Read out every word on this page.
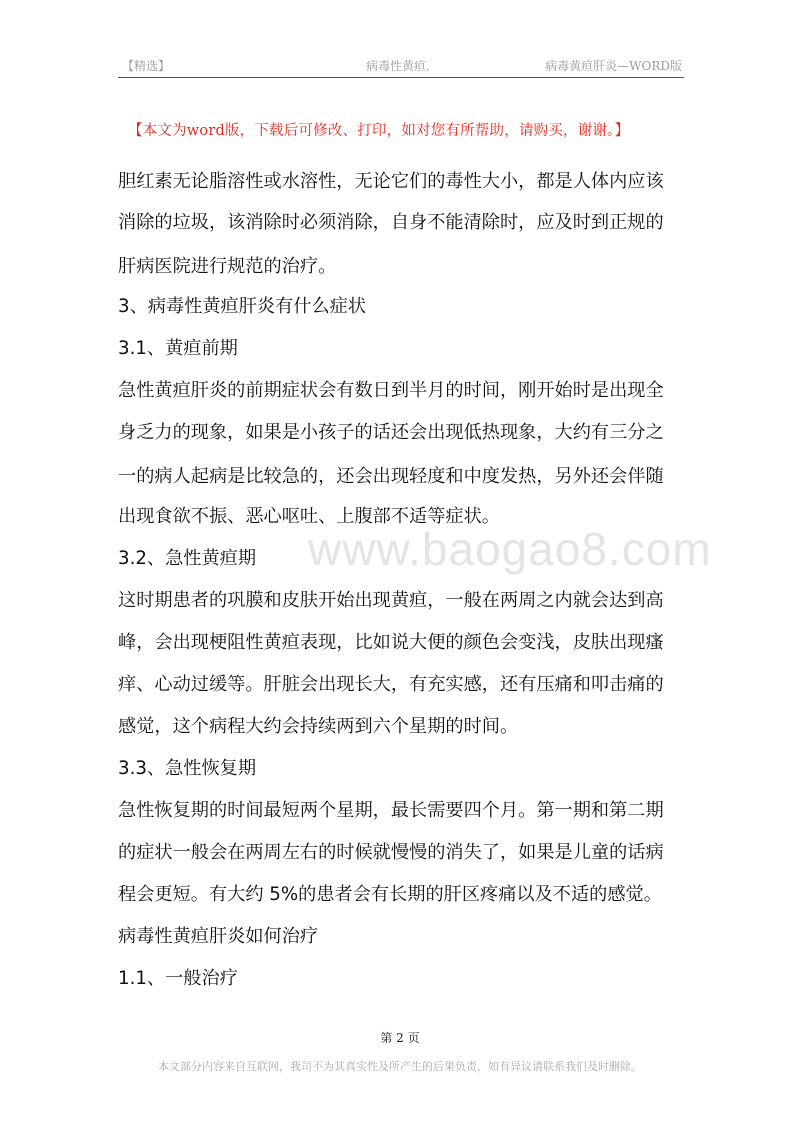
【精选】	病毒性黄疸,	病毒黄疸肝炎—WORD版
【本文为word版，下载后可修改、打印，如对您有所帮助，请购买，谢谢。】
www.baogao8.com
胆红素无论脂溶性或水溶性，无论它们的毒性大小，都是人体内应该
消除的垃圾，该消除时必须消除，自身不能清除时，应及时到正规的
肝病医院进行规范的治疗。
3、病毒性黄疸肝炎有什么症状
3.1、黄疸前期
急性黄疸肝炎的前期症状会有数日到半月的时间，刚开始时是出现全
身乏力的现象，如果是小孩子的话还会出现低热现象，大约有三分之
一的病人起病是比较急的，还会出现轻度和中度发热，另外还会伴随
出现食欲不振、恶心呕吐、上腹部不适等症状。
3.2、急性黄疸期
这时期患者的巩膜和皮肤开始出现黄疸，一般在两周之内就会达到高
峰，会出现梗阻性黄疸表现，比如说大便的颜色会变浅，皮肤出现瘙
痒、心动过缓等。肝脏会出现长大，有充实感，还有压痛和叩击痛的
感觉，这个病程大约会持续两到六个星期的时间。
3.3、急性恢复期
急性恢复期的时间最短两个星期，最长需要四个月。第一期和第二期
的症状一般会在两周左右的时候就慢慢的消失了，如果是儿童的话病
程会更短。有大约 5%的患者会有长期的肝区疼痛以及不适的感觉。
病毒性黄疸肝炎如何治疗
1.1、一般治疗
第 2 页
本文部分内容来自互联网，我司不为其真实性及所产生的后果负责，如有异议请联系我们及时删除。
